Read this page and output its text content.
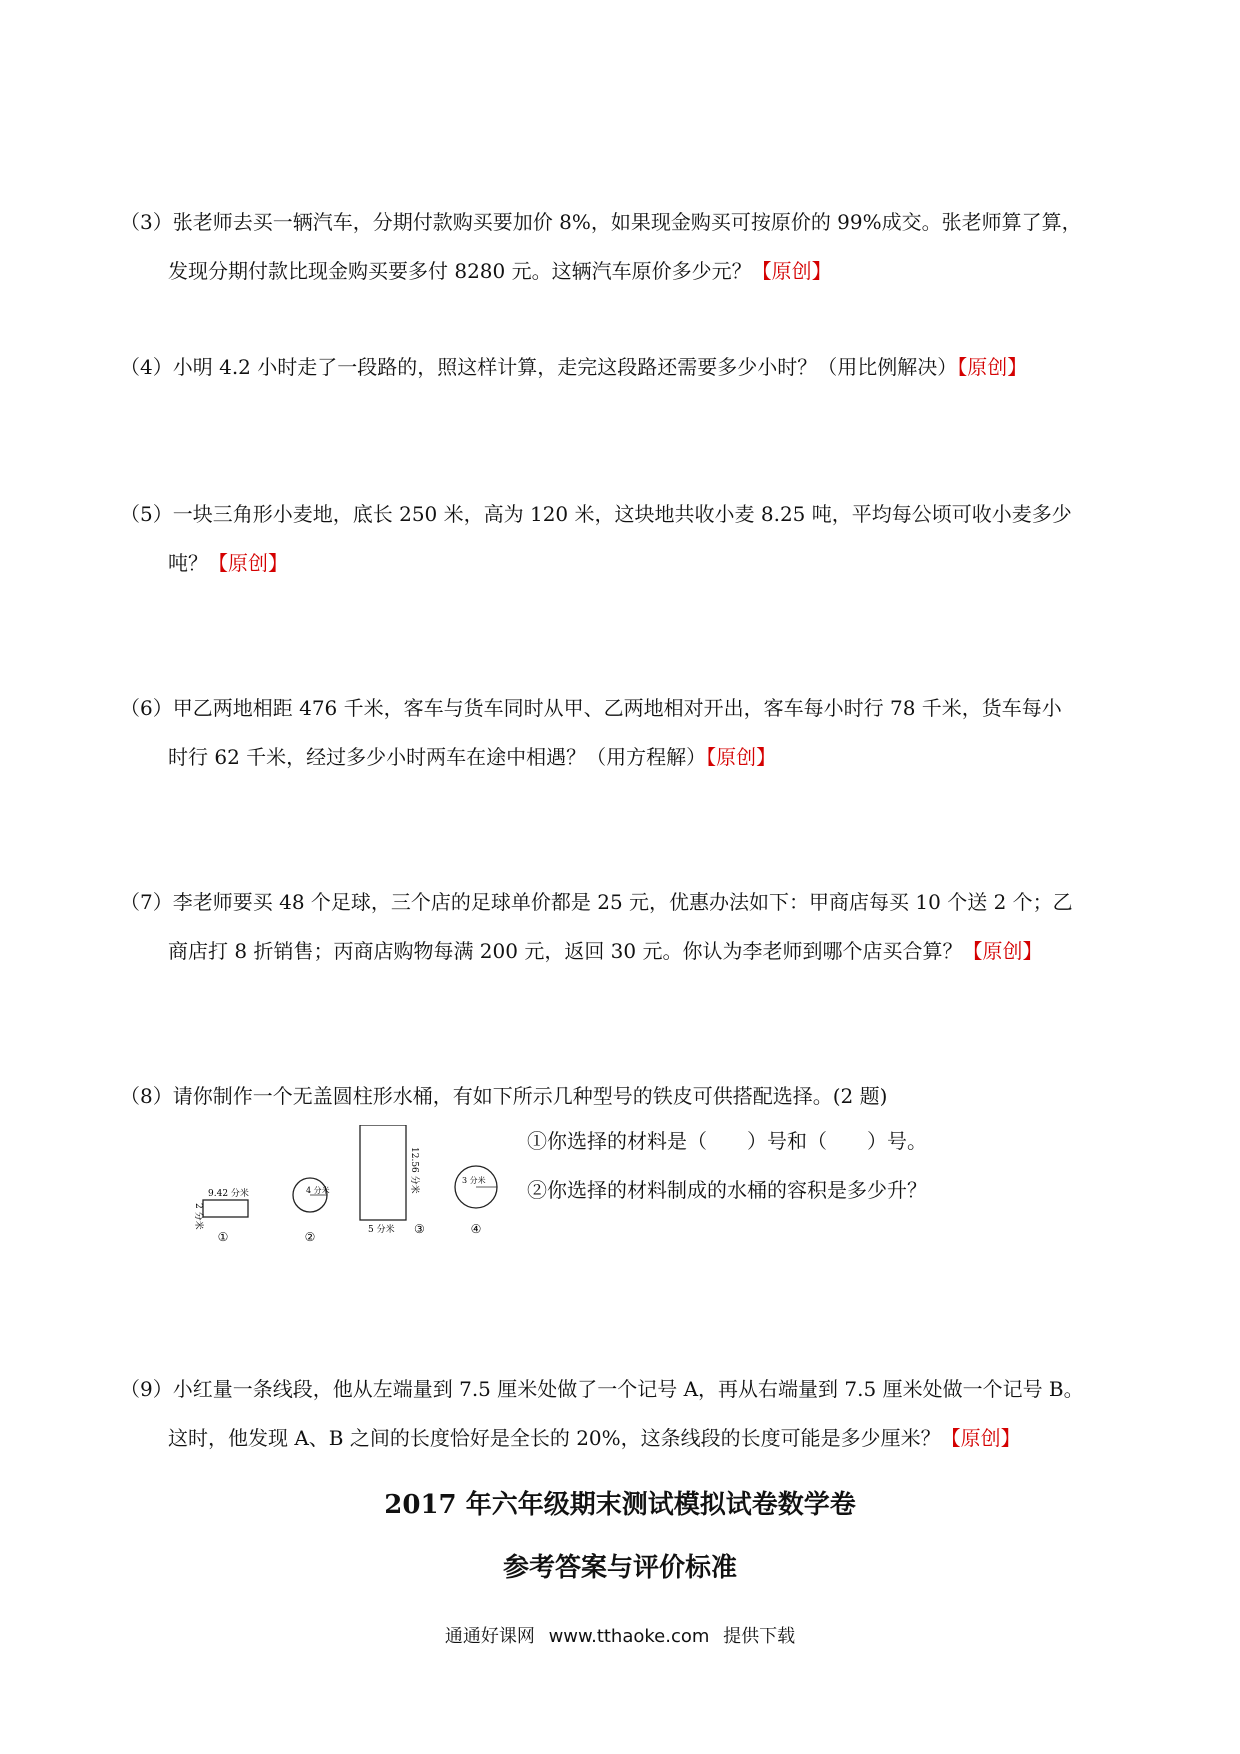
（3）张老师去买一辆汽车，分期付款购买要加价 8%，如果现金购买可按原价的 99%成交。张老师算了算，
发现分期付款比现金购买要多付 8280 元。这辆汽车原价多少元？【原创】
（4）小明 4.2 小时走了一段路的，照这样计算，走完这段路还需要多少小时？（用比例解决）【原创】
（5）一块三角形小麦地，底长 250 米，高为 120 米，这块地共收小麦 8.25 吨，平均每公顷可收小麦多少
吨？【原创】
（6）甲乙两地相距 476 千米，客车与货车同时从甲、乙两地相对开出，客车每小时行 78 千米，货车每小
时行 62 千米，经过多少小时两车在途中相遇？（用方程解）【原创】
（7）李老师要买 48 个足球，三个店的足球单价都是 25 元，优惠办法如下：甲商店每买 10 个送 2 个；乙
商店打 8 折销售；丙商店购物每满 200 元，返回 30 元。你认为李老师到哪个店买合算？【原创】
（8）请你制作一个无盖圆柱形水桶，有如下所示几种型号的铁皮可供搭配选择。(2 题)
9.42 分米
2 分米
①
4 分米
②
12.56 分米
5 分米 ③
3 分米
④
①你选择的材料是（　　）号和（　　）号。
②你选择的材料制成的水桶的容积是多少升？
（9）小红量一条线段，他从左端量到 7.5 厘米处做了一个记号 A，再从右端量到 7.5 厘米处做一个记号 B。
这时，他发现 A、B 之间的长度恰好是全长的 20%，这条线段的长度可能是多少厘米？【原创】
2017 年六年级期末测试模拟试卷数学卷
参考答案与评价标准
通通好课网 www.tthaoke.com 提供下载
